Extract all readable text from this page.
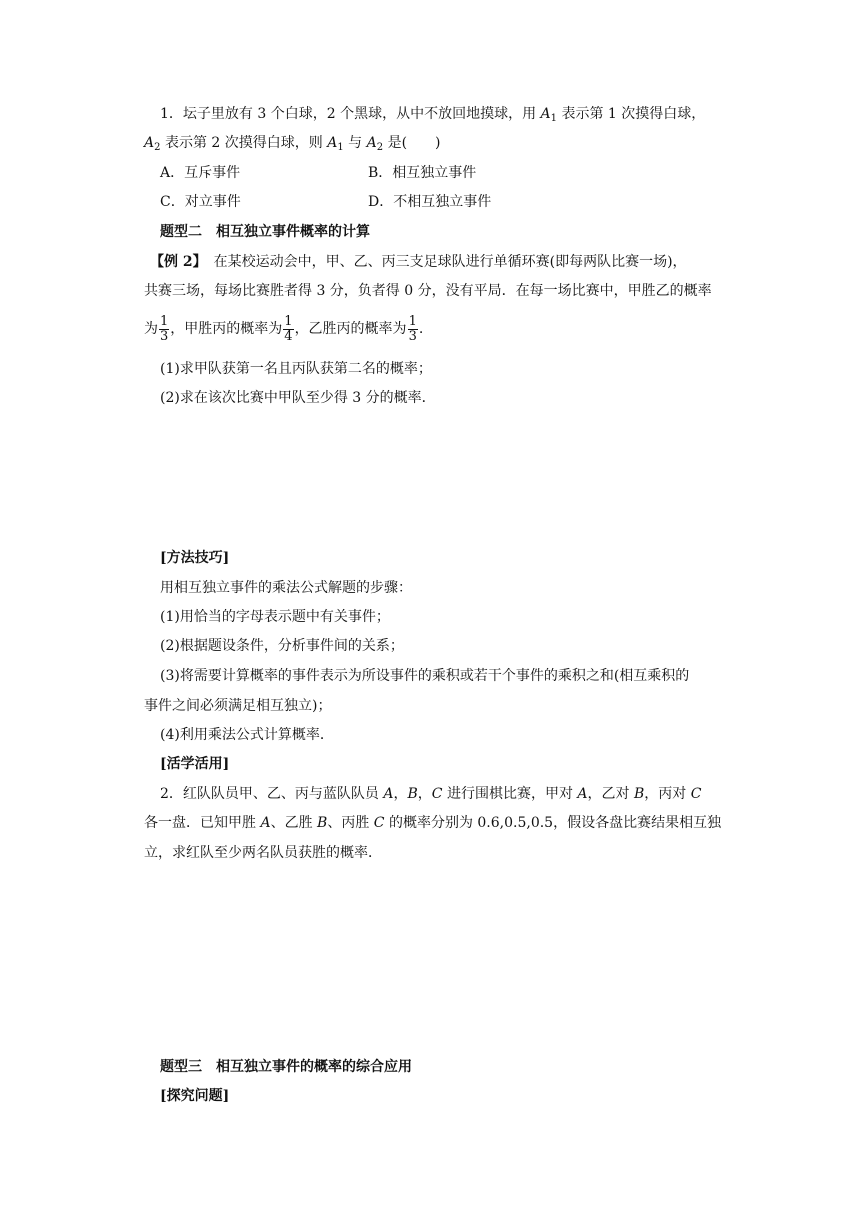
1．坛子里放有 3 个白球，2 个黑球，从中不放回地摸球，用 $A_1$ 表示第 1 次摸得白球，
$A_2$ 表示第 2 次摸得白球，则 $A_1$ 与 $A_2$ 是(　　)
A．互斥事件	B．相互独立事件
C．对立事件	D．不相互独立事件
题型二　相互独立事件概率的计算
【例 2】　在某校运动会中，甲、乙、丙三支足球队进行单循环赛(即每两队比赛一场)，
共赛三场，每场比赛胜者得 3 分，负者得 0 分，没有平局．在每一场比赛中，甲胜乙的概率
为 $\frac{1}{3}$ ，甲胜丙的概率为 $\frac{1}{4}$ ，乙胜丙的概率为 $\frac{1}{3}$ .
(1)求甲队获第一名且丙队获第二名的概率；
(2)求在该次比赛中甲队至少得 3 分的概率．
[方法技巧]
用相互独立事件的乘法公式解题的步骤：
(1)用恰当的字母表示题中有关事件；
(2)根据题设条件，分析事件间的关系；
(3)将需要计算概率的事件表示为所设事件的乘积或若干个事件的乘积之和(相互乘积的
事件之间必须满足相互独立)；
(4)利用乘法公式计算概率．
[活学活用]
2．红队队员甲、乙、丙与蓝队队员 A，B，C 进行围棋比赛，甲对 A，乙对 B，丙对 C
各一盘．已知甲胜 A、乙胜 B、丙胜 C 的概率分别为 0.6,0.5,0.5，假设各盘比赛结果相互独
立，求红队至少两名队员获胜的概率．
题型三　相互独立事件的概率的综合应用
[探究问题]
